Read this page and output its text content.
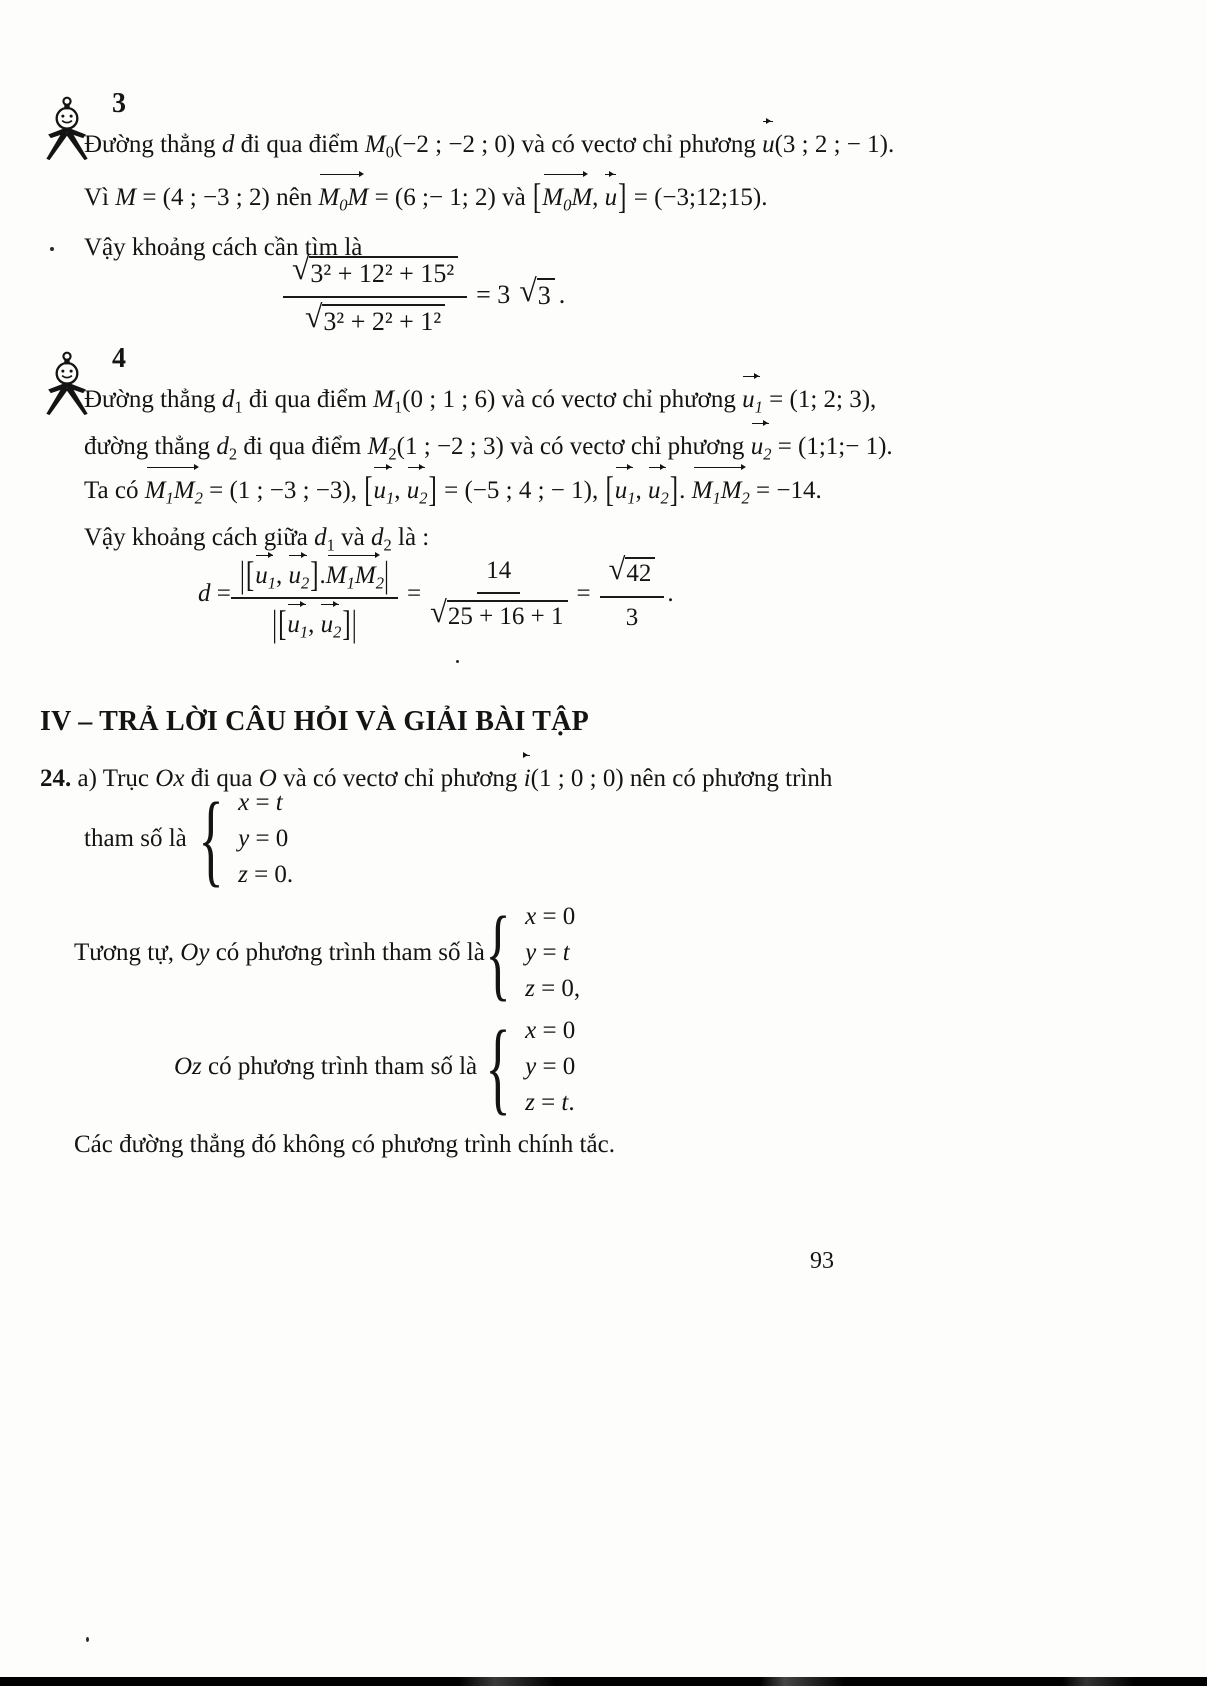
3
Đường thẳng d đi qua điểm $M_0(-2$ ; −2 ; 0) và có vectơ chỉ phương u(3 ; 2 ; − 1).
Vì M = (4 ; −3 ; 2) nên $M_0M = (6$ ;− 1; 2) và [$M_0M$, u] = (−3;12;15).
Vậy khoảng cách cần tìm là
$\frac{\text{√ 3² + 12² + 15²}}{\text{√ 3² + 2² + 1²}} = 3$ √ 3 .
4
Đường thẳng $d_1$ đi qua điểm $M_1(0$ ; 1 ; 6) và có vectơ chỉ phương $u_1 = (1$; 2; 3),
đường thẳng $d_2$ đi qua điểm $M_2(1$ ; −2 ; 3) và có vectơ chỉ phương $u_2$ = (1;1;− 1).
Ta có $M_1M_2 = (1$ ; −3 ; −3), [$u_1$, $u_2] = (-5$ ; 4 ; − 1), [$u_1$, $u_2$]. $M_1M_2 = -14$.
Vậy khoảng cách giữa $d_1$ và $d_2$ là :
$d = \frac{|[u_1, u_2].M_1M_2|}{|[u_1, u_2]|} = \frac{14}{√ 25 + 16 + 1} = \frac{√ 42}{3}$ .
IV – TRẢ LỜI CÂU HỎI VÀ GIẢI BÀI TẬP
24. a) Trục Ox đi qua O và có vectơ chỉ phương i(1 ; 0 ; 0) nên có phương trình
tham số là { x = t
y = 0
z = 0.
Tương tự, Oy có phương trình tham số là { x = 0
y = t
z = 0,
Oz có phương trình tham số là { x = 0
y = 0
z = t.
Các đường thẳng đó không có phương trình chính tắc.
93
